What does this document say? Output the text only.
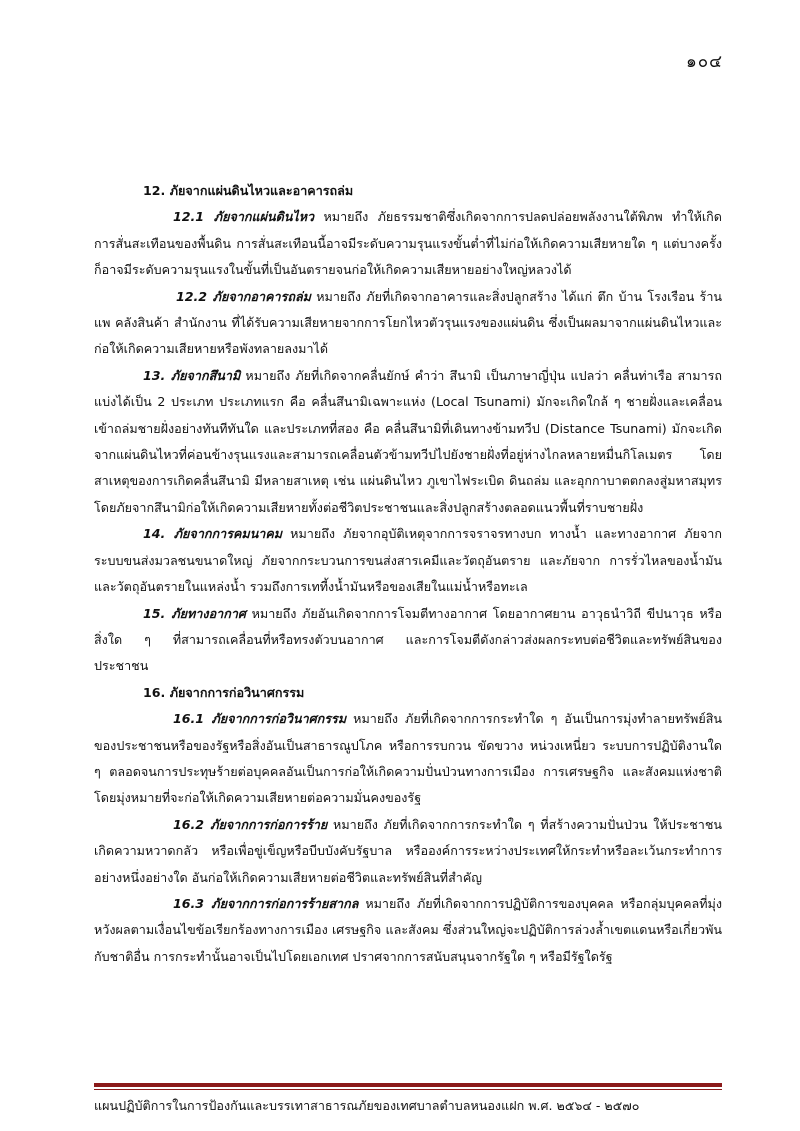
๑๐๔

12. ภัยจากแผ่นดินไหวและอาคารถล่ม

12.1 ภัยจากแผ่นดินไหว หมายถึง ภัยธรรมชาติซึ่งเกิดจากการปลดปล่อยพลังงานใต้พิภพ ทำให้เกิดการสั่นสะเทือนของพื้นดิน การสั่นสะเทือนนี้อาจมีระดับความรุนแรงขั้นต่ำที่ไม่ก่อให้เกิดความเสียหายใด ๆ แต่บางครั้งก็อาจมีระดับความรุนแรงในขั้นที่เป็นอันตรายจนก่อให้เกิดความเสียหายอย่างใหญ่หลวงได้

12.2 ภัยจากอาคารถล่ม หมายถึง ภัยที่เกิดจากอาคารและสิ่งปลูกสร้าง ได้แก่ ตึก บ้าน โรงเรือน ร้านแพ คลังสินค้า สำนักงาน ที่ได้รับความเสียหายจากการโยกไหวตัวรุนแรงของแผ่นดิน ซึ่งเป็นผลมาจากแผ่นดินไหวและก่อให้เกิดความเสียหายหรือพังทลายลงมาได้

13. ภัยจากสึนามิ หมายถึง ภัยที่เกิดจากคลื่นยักษ์ คำว่า สึนามิ เป็นภาษาญี่ปุ่น แปลว่า คลื่นท่าเรือ สามารถแบ่งได้เป็น 2 ประเภท ประเภทแรก คือ คลื่นสึนามิเฉพาะแห่ง (Local Tsunami) มักจะเกิดใกล้ ๆ ชายฝั่งและเคลื่อนเข้าถล่มชายฝั่งอย่างทันทีทันใด และประเภทที่สอง คือ คลื่นสึนามิที่เดินทางข้ามทวีป (Distance Tsunami) มักจะเกิดจากแผ่นดินไหวที่ค่อนข้างรุนแรงและสามารถเคลื่อนตัวข้ามทวีปไปยังชายฝั่งที่อยู่ห่างไกลหลายหมื่นกิโลเมตร โดยสาเหตุของการเกิดคลื่นสึนามิ มีหลายสาเหตุ เช่น แผ่นดินไหว ภูเขาไฟระเบิด ดินถล่ม และอุกกาบาตตกลงสู่มหาสมุทร โดยภัยจากสึนามิก่อให้เกิดความเสียหายทั้งต่อชีวิตประชาชนและสิ่งปลูกสร้างตลอดแนวพื้นที่ราบชายฝั่ง

14. ภัยจากการคมนาคม หมายถึง ภัยจากอุบัติเหตุจากการจราจรทางบก ทางน้ำ และทางอากาศ ภัยจากระบบขนส่งมวลชนขนาดใหญ่ ภัยจากกระบวนการขนส่งสารเคมีและวัตถุอันตราย และภัยจาก การรั่วไหลของน้ำมันและวัตถุอันตรายในแหล่งน้ำ รวมถึงการเทที้งน้ำมันหรือของเสียในแม่น้ำหรือทะเล

15. ภัยทางอากาศ หมายถึง ภัยอันเกิดจากการโจมตีทางอากาศ โดยอากาศยาน อาวุธนำวิถี ขีปนาวุธ หรือสิ่งใด ๆ ที่สามารถเคลื่อนที่หรือทรงตัวบนอากาศ และการโจมตีดังกล่าวส่งผลกระทบต่อชีวิตและทรัพย์สินของประชาชน

16. ภัยจากการก่อวินาศกรรม

16.1 ภัยจากการก่อวินาศกรรม หมายถึง ภัยที่เกิดจากการกระทำใด ๆ อันเป็นการมุ่งทำลายทรัพย์สินของประชาชนหรือของรัฐหรือสิ่งอันเป็นสาธารณูปโภค หรือการรบกวน ขัดขวาง หน่วงเหนี่ยว ระบบการปฏิบัติงานใด ๆ ตลอดจนการประทุษร้ายต่อบุคคลอันเป็นการก่อให้เกิดความปั่นป่วนทางการเมือง การเศรษฐกิจ และสังคมแห่งชาติ โดยมุ่งหมายที่จะก่อให้เกิดความเสียหายต่อความมั่นคงของรัฐ

16.2 ภัยจากการก่อการร้าย หมายถึง ภัยที่เกิดจากการกระทำใด ๆ ที่สร้างความปั่นป่วน ให้ประชาชนเกิดความหวาดกลัว หรือเพื่อขู่เข็ญหรือบีบบังคับรัฐบาล หรือองค์การระหว่างประเทศให้กระทำหรือละเว้นกระทำการอย่างหนึ่งอย่างใด อันก่อให้เกิดความเสียหายต่อชีวิตและทรัพย์สินที่สำคัญ

16.3 ภัยจากการก่อการร้ายสากล หมายถึง ภัยที่เกิดจากการปฏิบัติการของบุคคล หรือกลุ่มบุคคลที่มุ่งหวังผลตามเงื่อนไขข้อเรียกร้องทางการเมือง เศรษฐกิจ และสังคม ซึ่งส่วนใหญ่จะปฏิบัติการล่วงล้ำเขตแดนหรือเกี่ยวพันกับชาติอื่น การกระทำนั้นอาจเป็นไปโดยเอกเทศ ปราศจากการสนับสนุนจากรัฐใด ๆ หรือมีรัฐใดรัฐ

แผนปฏิบัติการในการป้องกันและบรรเทาสาธารณภัยของเทศบาลตำบลหนองแฝก พ.ศ. ๒๕๖๔ - ๒๕๗๐
